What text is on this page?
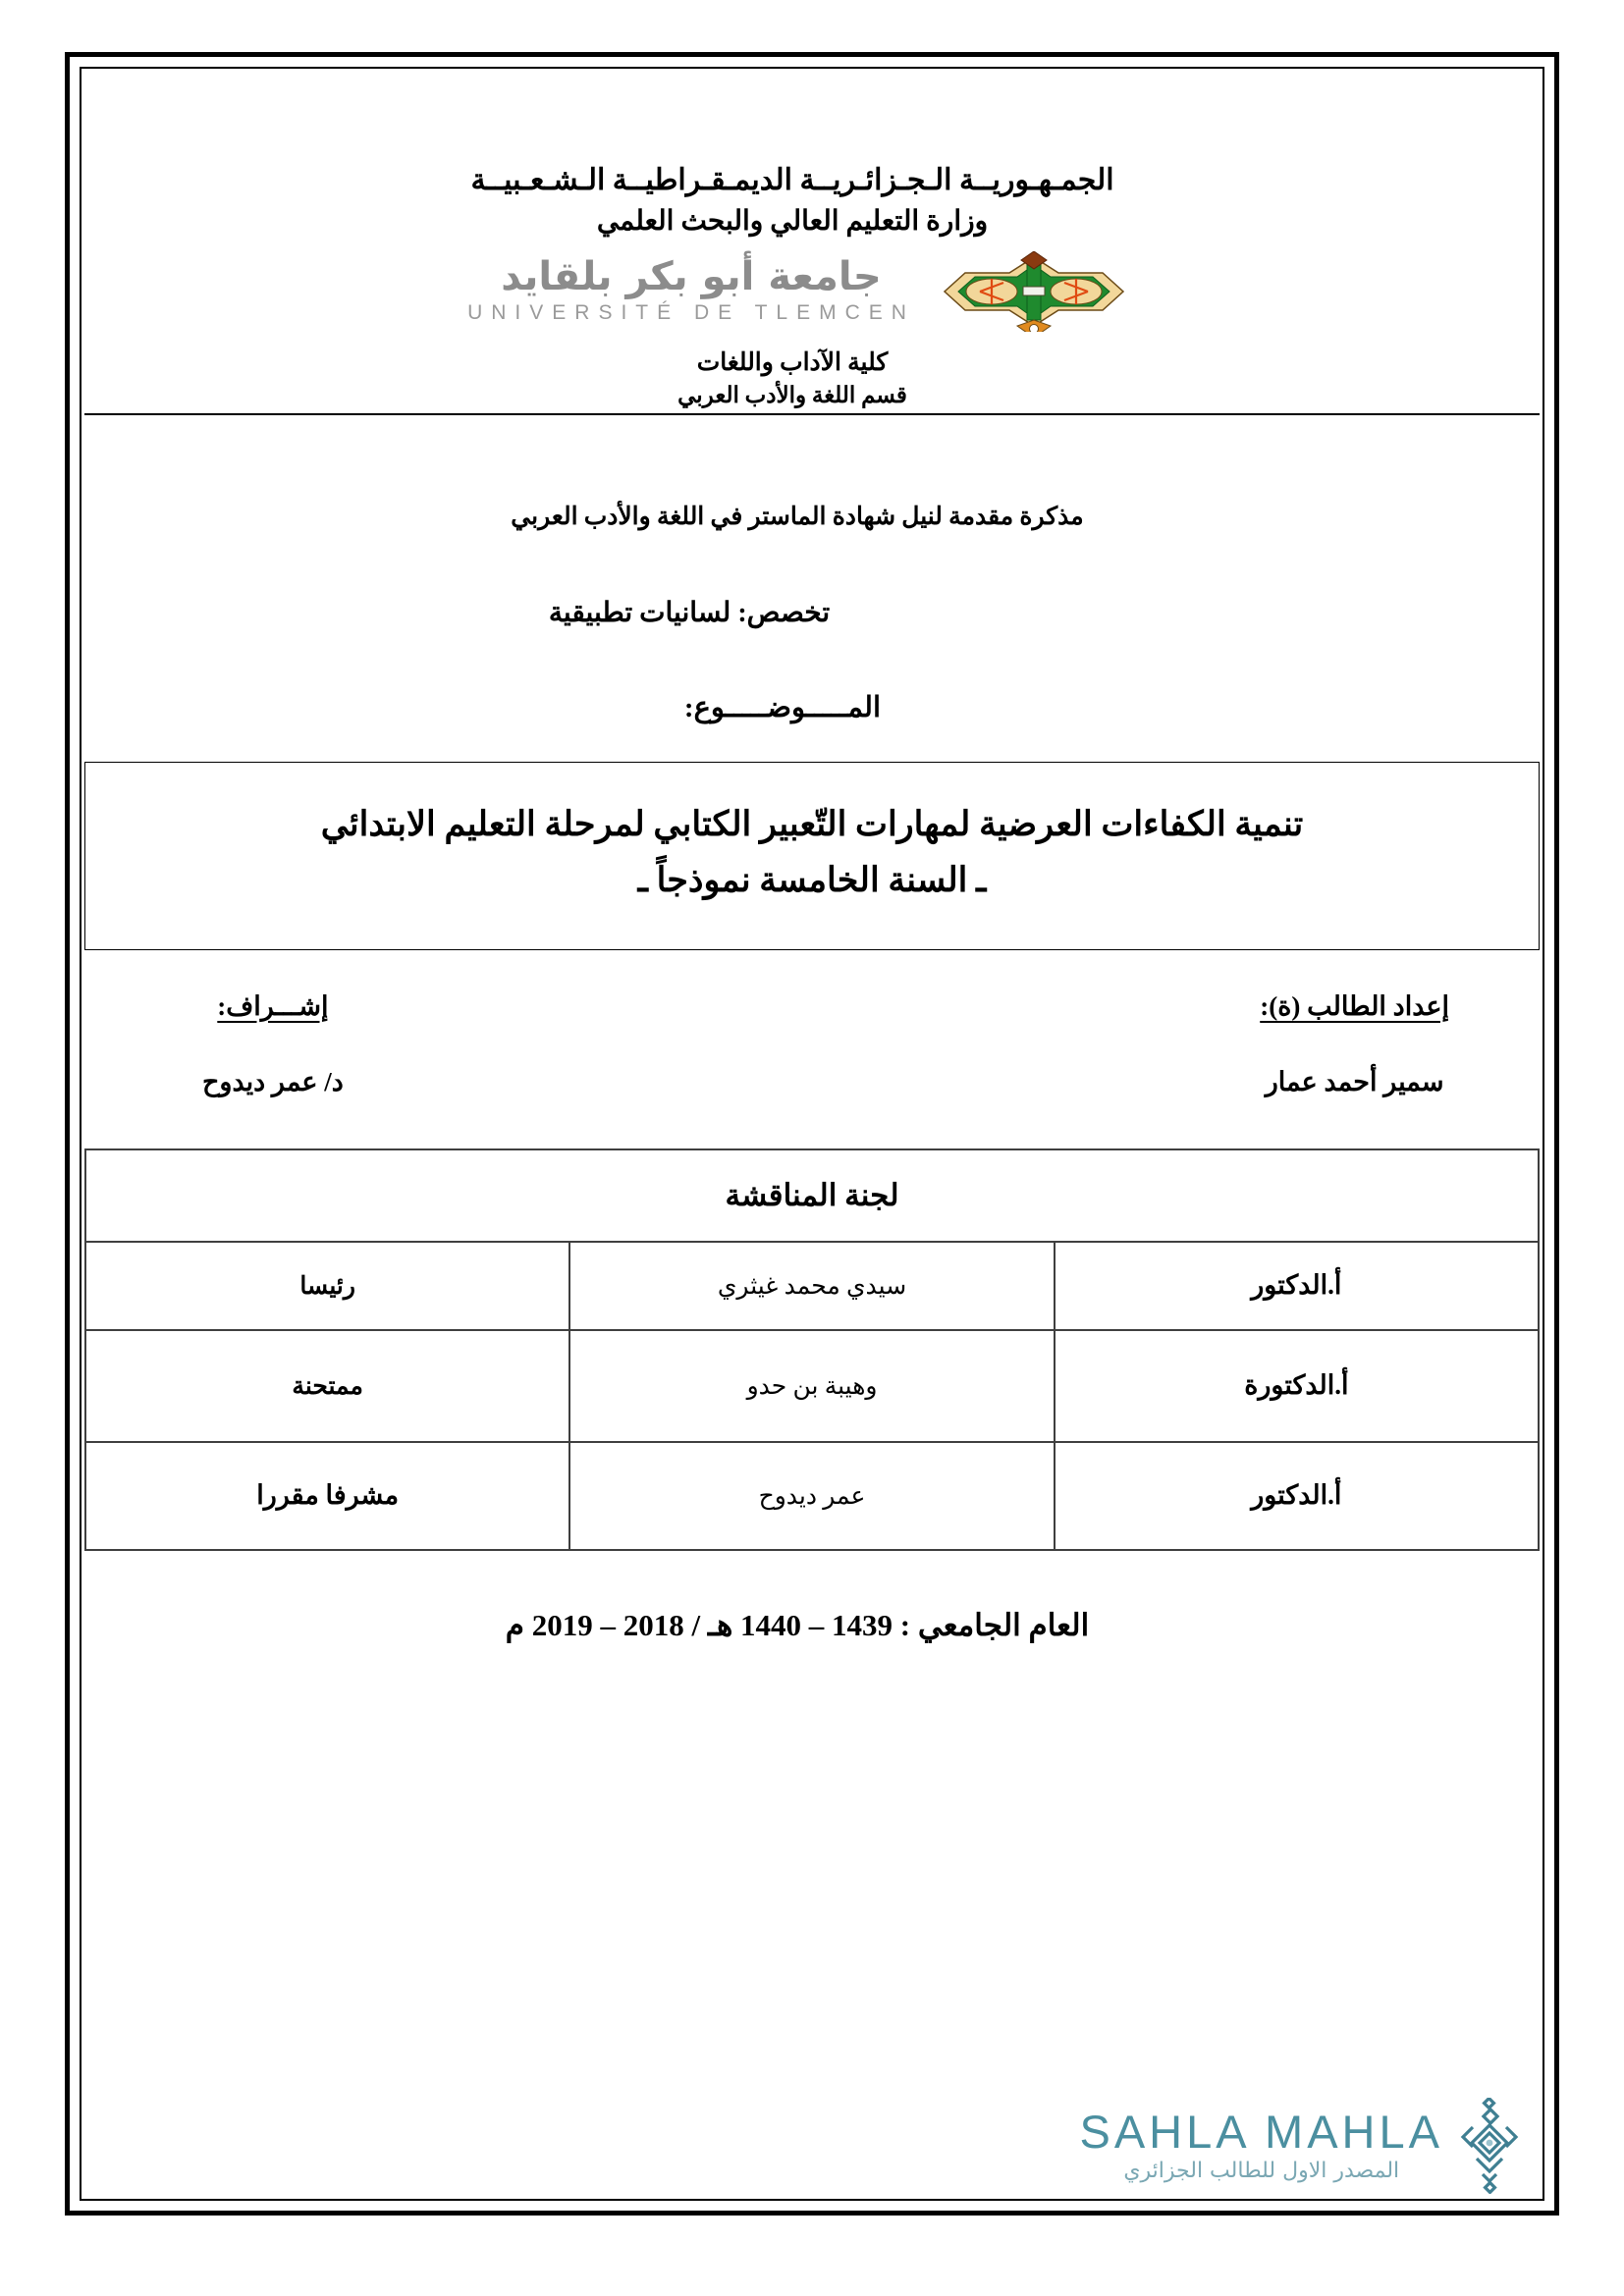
الجمـهـوريــة الـجـزائـريــة الديمـقـراطيــة الـشـعـبيــة
وزارة التعليم العالي والبحث العلمي
جامعة أبو بكر بلقايد
UNIVERSITÉ DE TLEMCEN
كلية الآداب واللغات
قسم اللغة والأدب العربي
مذكرة مقدمة لنيل شهادة الماستر في اللغة والأدب العربي
تخصص: لسانيات تطبيقية
المـــــوضـــــوع:
تنمية الكفاءات العرضية لمهارات التّعبير الكتابي لمرحلة التعليم الابتدائي
ـ السنة الخامسة نموذجاً ـ
إعداد الطالب (ة):
سمير أحمد عمار
إشـــراف:
د/ عمر ديدوح
لجنة المناقشة		
أ.الدكتور	سيدي محمد غيثري	رئيسا
أ.الدكتورة	وهيبة بن حدو	ممتحنة
أ.الدكتور	عمر ديدوح	مشرفا مقررا
العام الجامعي : 1439 – 1440 هـ / 2018 – 2019 م
SAHLA MAHLA
المصدر الاول للطالب الجزائري
